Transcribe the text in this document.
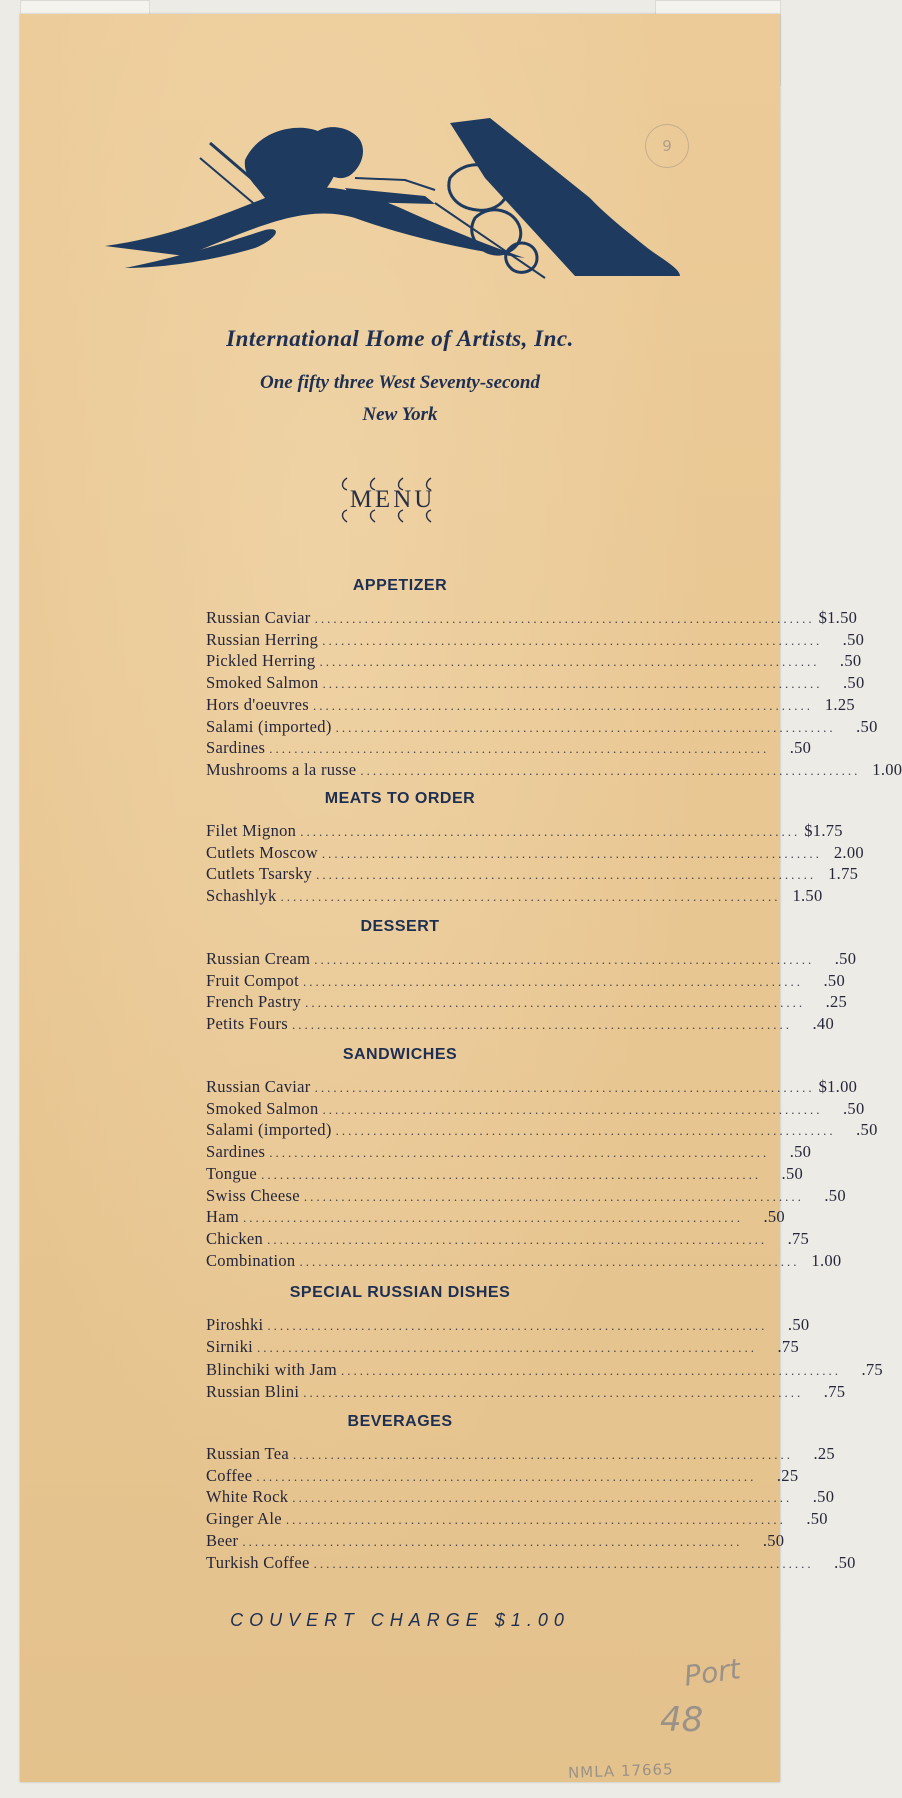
9
International Home of Artists, Inc.
One fifty three West Seventy-second
New York
MENU
APPETIZER
Russian Caviar ................................................................................ $1.50
Russian Herring ................................................................................	.50
Pickled Herring ................................................................................	.50
Smoked Salmon ................................................................................	.50
Hors d'oeuvres ................................................................................ 1.25
Salami (imported) ................................................................................	.50
Sardines ................................................................................	.50
Mushrooms a la russe ................................................................................ 1.00
MEATS TO ORDER
Filet Mignon ................................................................................ $1.75
Cutlets Moscow ................................................................................ 2.00
Cutlets Tsarsky ................................................................................ 1.75
Schashlyk ................................................................................ 1.50
DESSERT
Russian Cream ................................................................................	.50
Fruit Compot ................................................................................	.50
French Pastry ................................................................................	.25
Petits Fours ................................................................................	.40
SANDWICHES
Russian Caviar ................................................................................ $1.00
Smoked Salmon ................................................................................	.50
Salami (imported) ................................................................................	.50
Sardines ................................................................................	.50
Tongue ................................................................................	.50
Swiss Cheese ................................................................................	.50
Ham ................................................................................	.50
Chicken ................................................................................	.75
Combination ................................................................................ 1.00
SPECIAL RUSSIAN DISHES
Piroshki ................................................................................	.50
Sirniki ................................................................................	.75
Blinchiki with Jam ................................................................................	.75
Russian Blini ................................................................................	.75
BEVERAGES
Russian Tea ................................................................................	.25
Coffee ................................................................................	.25
White Rock ................................................................................	.50
Ginger Ale ................................................................................	.50
Beer ................................................................................	.50
Turkish Coffee ................................................................................	.50
COUVERT CHARGE $1.00
Port
48
NMLA 17665
